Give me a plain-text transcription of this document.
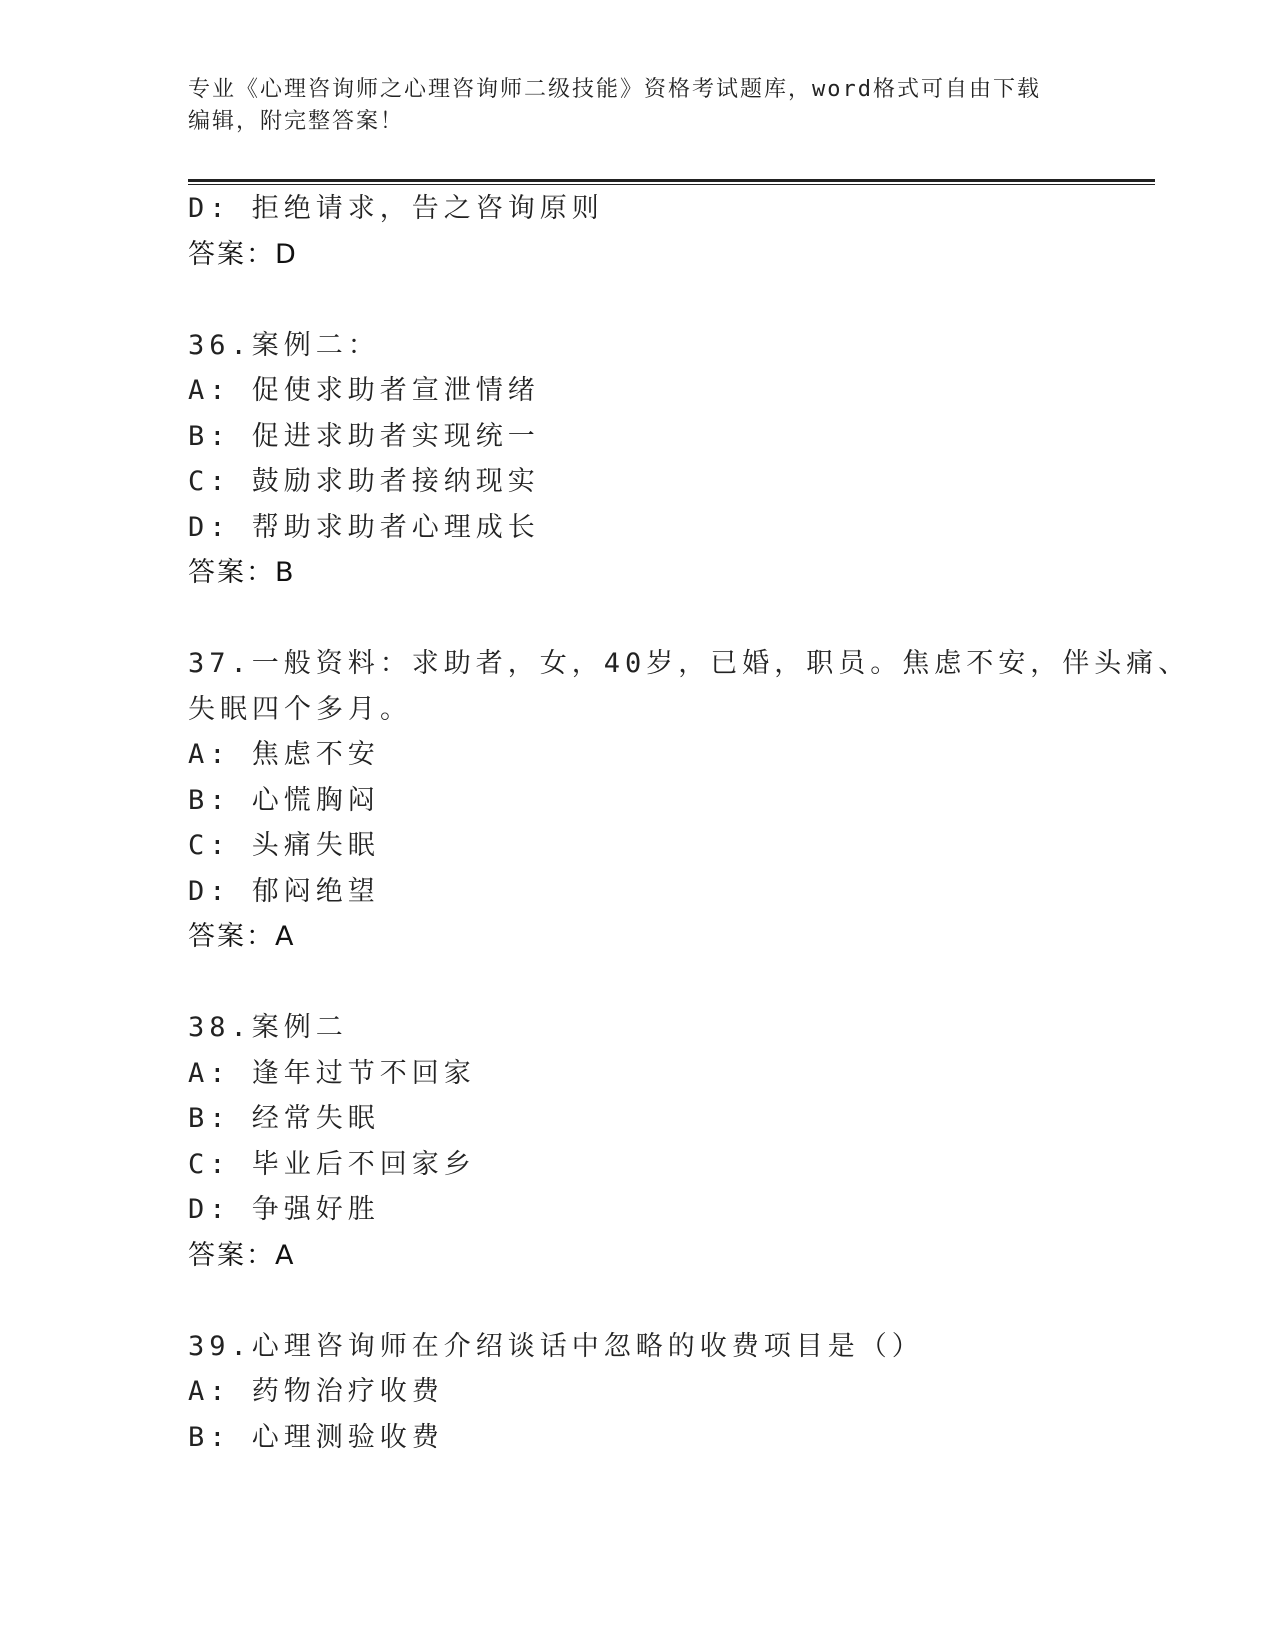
专业《心理咨询师之心理咨询师二级技能》资格考试题库，word格式可自由下载
编辑，附完整答案！
D: 拒绝请求，告之咨询原则
答案：D
36.案例二：
A: 促使求助者宣泄情绪
B: 促进求助者实现统一
C: 鼓励求助者接纳现实
D: 帮助求助者心理成长
答案：B
37.一般资料：求助者，女，40岁，已婚，职员。焦虑不安，伴头痛、
失眠四个多月。
A: 焦虑不安
B: 心慌胸闷
C: 头痛失眠
D: 郁闷绝望
答案：A
38.案例二
A: 逢年过节不回家
B: 经常失眠
C: 毕业后不回家乡
D: 争强好胜
答案：A
39.心理咨询师在介绍谈话中忽略的收费项目是（）
A: 药物治疗收费
B: 心理测验收费
